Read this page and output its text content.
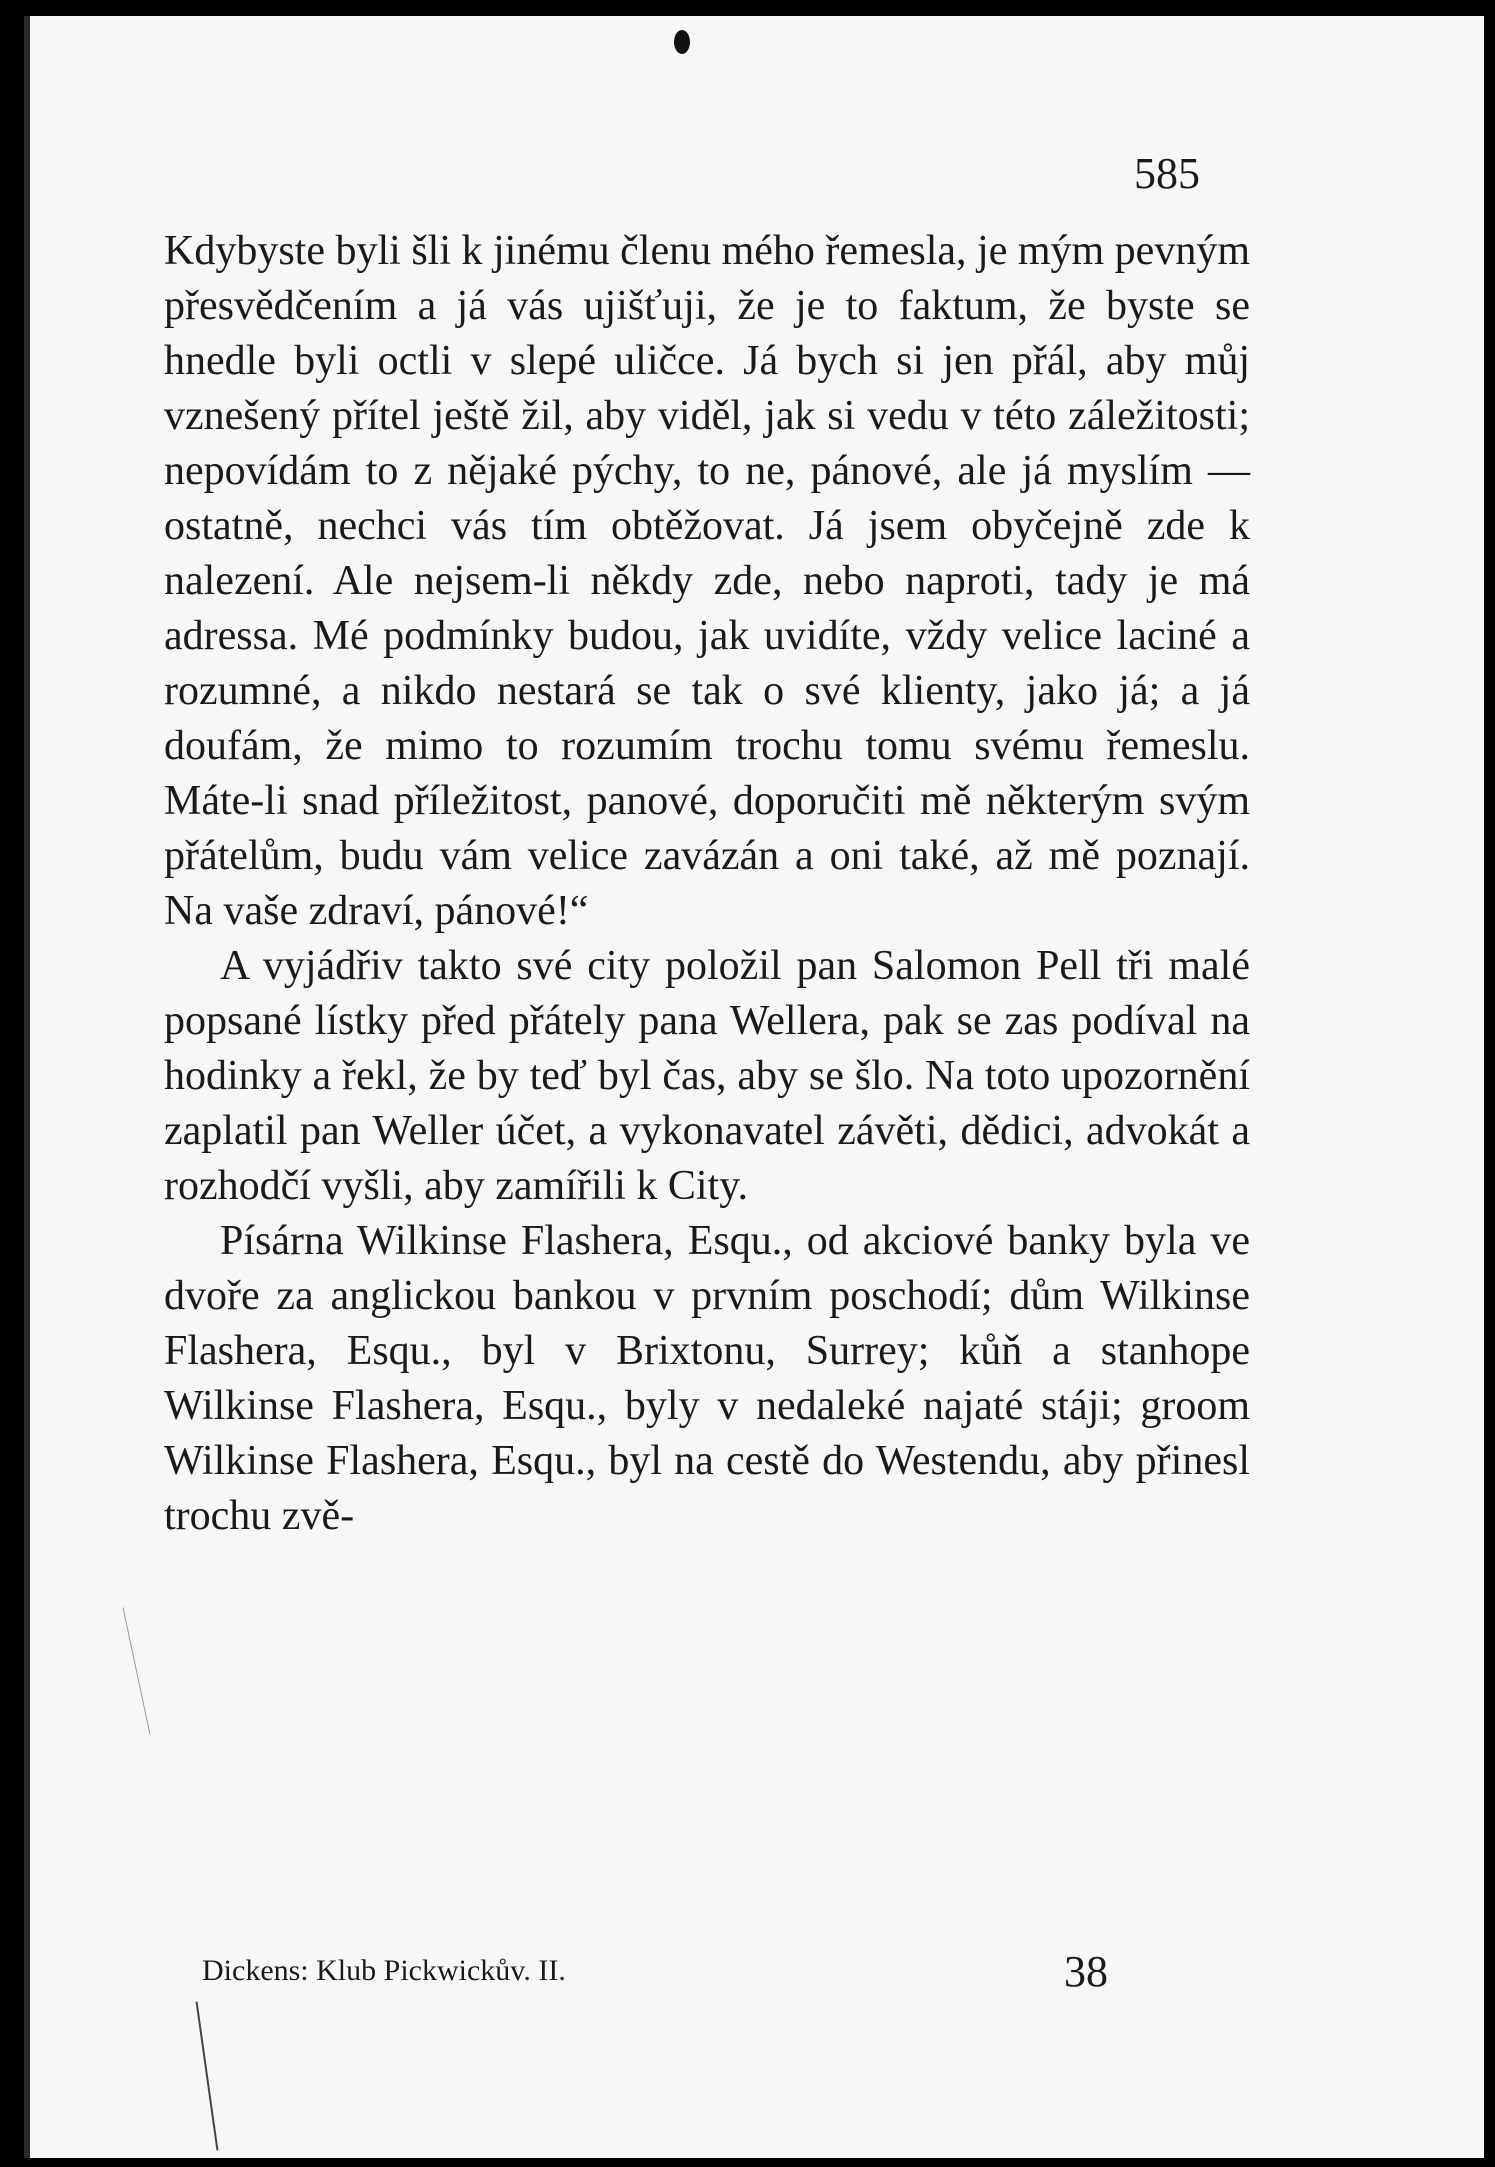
585

Kdybyste byli šli k jinému členu mého řemesla, je mým pevným přesvědčením a já vás ujišťuji, že je to faktum, že byste se hnedle byli octli v slepé uličce. Já bych si jen přál, aby můj vznešený přítel ještě žil, aby viděl, jak si vedu v této záležitosti; nepovídám to z nějaké pýchy, to ne, pánové, ale já myslím — ostatně, nechci vás tím obtěžovat. Já jsem obyčejně zde k nalezení. Ale nejsem-li někdy zde, nebo naproti, tady je má adressa. Mé podmínky budou, jak uvidíte, vždy velice laciné a rozumné, a nikdo nestará se tak o své klienty, jako já; a já doufám, že mimo to rozumím trochu tomu svému řemeslu. Máte-li snad příležitost, panové, doporučiti mě některým svým přátelům, budu vám velice zavázán a oni také, až mě poznají. Na vaše zdraví, pánové!“

A vyjádřiv takto své city položil pan Salomon Pell tři malé popsané lístky před přátely pana Wellera, pak se zas podíval na hodinky a řekl, že by teď byl čas, aby se šlo. Na toto upozornění zaplatil pan Weller účet, a vykonavatel závěti, dědici, advokát a rozhodčí vyšli, aby zamířili k City.

Písárna Wilkinse Flashera, Esqu., od akciové banky byla ve dvoře za anglickou bankou v prvním poschodí; dům Wilkinse Flashera, Esqu., byl v Brixtonu, Surrey; kůň a stanhope Wilkinse Flashera, Esqu., byly v nedaleké najaté stáji; groom Wilkinse Flashera, Esqu., byl na cestě do Westendu, aby přinesl trochu zvě-

Dickens: Klub Pickwickův. II.	38
